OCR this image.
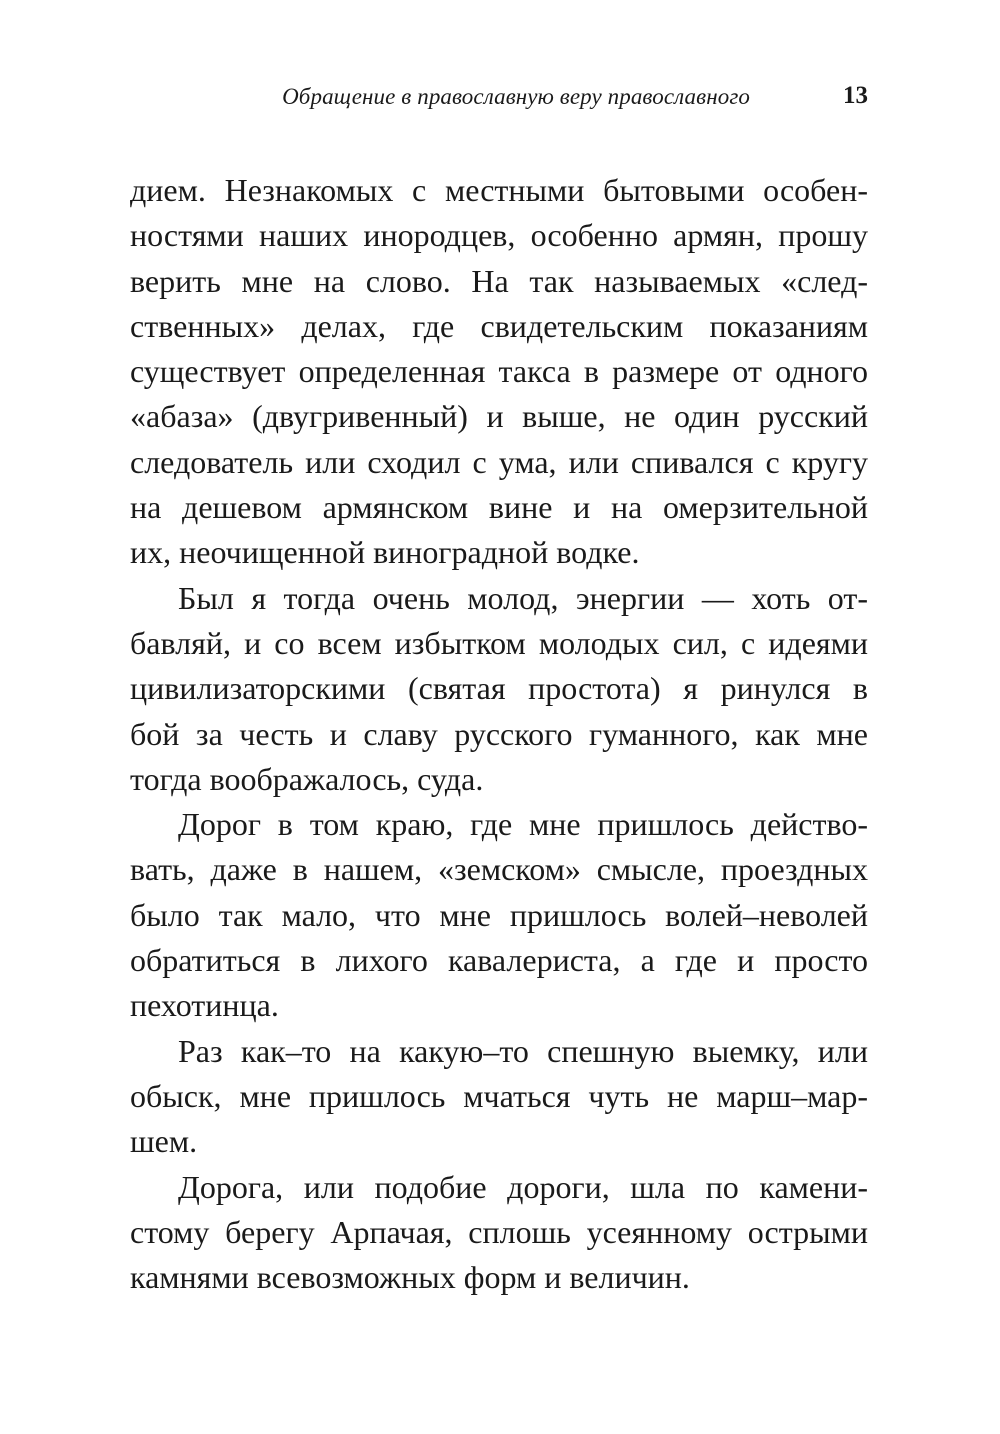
Обращение в православную веру православного	13
дием. Незнакомых с местными бытовыми особен-
ностями наших инородцев, особенно армян, прошу
верить мне на слово. На так называемых «след-
ственных» делах, где свидетельским показаниям
существует определенная такса в размере от одного
«абаза» (двугривенный) и выше, не один русский
следователь или сходил с ума, или спивался с кругу
на дешевом армянском вине и на омерзительной
их, неочищенной виноградной водке.
Был я тогда очень молод, энергии — хоть от-
бавляй, и со всем избытком молодых сил, с идеями
цивилизаторскими (святая простота) я ринулся в
бой за честь и славу русского гуманного, как мне
тогда воображалось, суда.
Дорог в том краю, где мне пришлось действо-
вать, даже в нашем, «земском» смысле, проездных
было так мало, что мне пришлось волей–неволей
обратиться в лихого кавалериста, а где и просто
пехотинца.
Раз как–то на какую–то спешную выемку, или
обыск, мне пришлось мчаться чуть не марш–мар-
шем.
Дорога, или подобие дороги, шла по камени-
стому берегу Арпачая, сплошь усеянному острыми
камнями всевозможных форм и величин.
